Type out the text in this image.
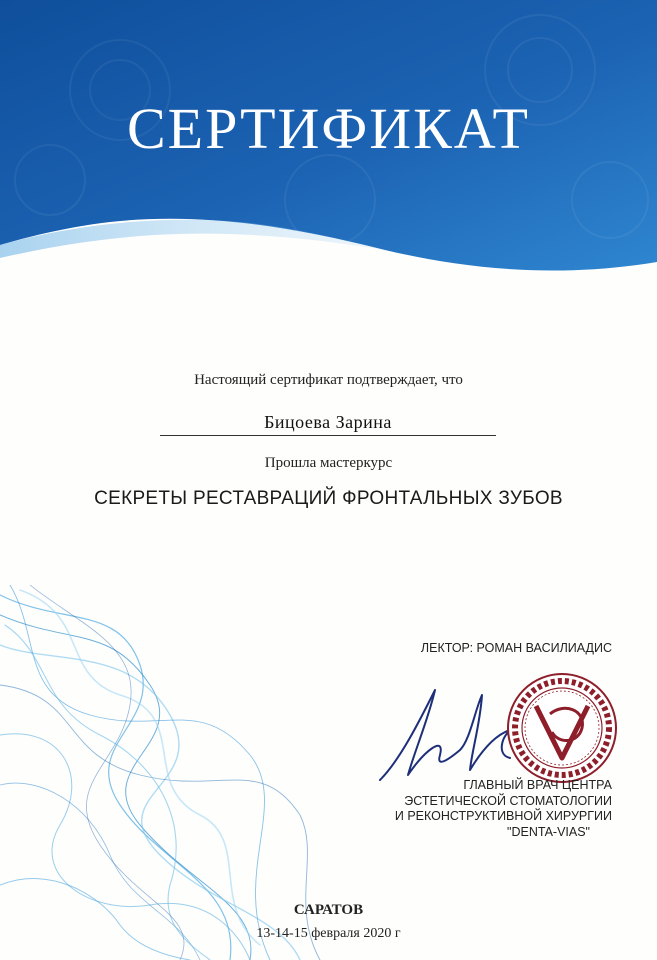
СЕРТИФИКАТ
Настоящий сертификат подтверждает, что
Бицоева Зарина
Прошла мастеркурс
СЕКРЕТЫ РЕСТАВРАЦИЙ ФРОНТАЛЬНЫХ ЗУБОВ
ЛЕКТОР: РОМАН ВАСИЛИАДИС
ГЛАВНЫЙ ВРАЧ ЦЕНТРА
ЭСТЕТИЧЕСКОЙ СТОМАТОЛОГИИ
И РЕКОНСТРУКТИВНОЙ ХИРУРГИИ
"DENTA-VIAS"
САРАТОВ
13-14-15 февраля 2020 г
